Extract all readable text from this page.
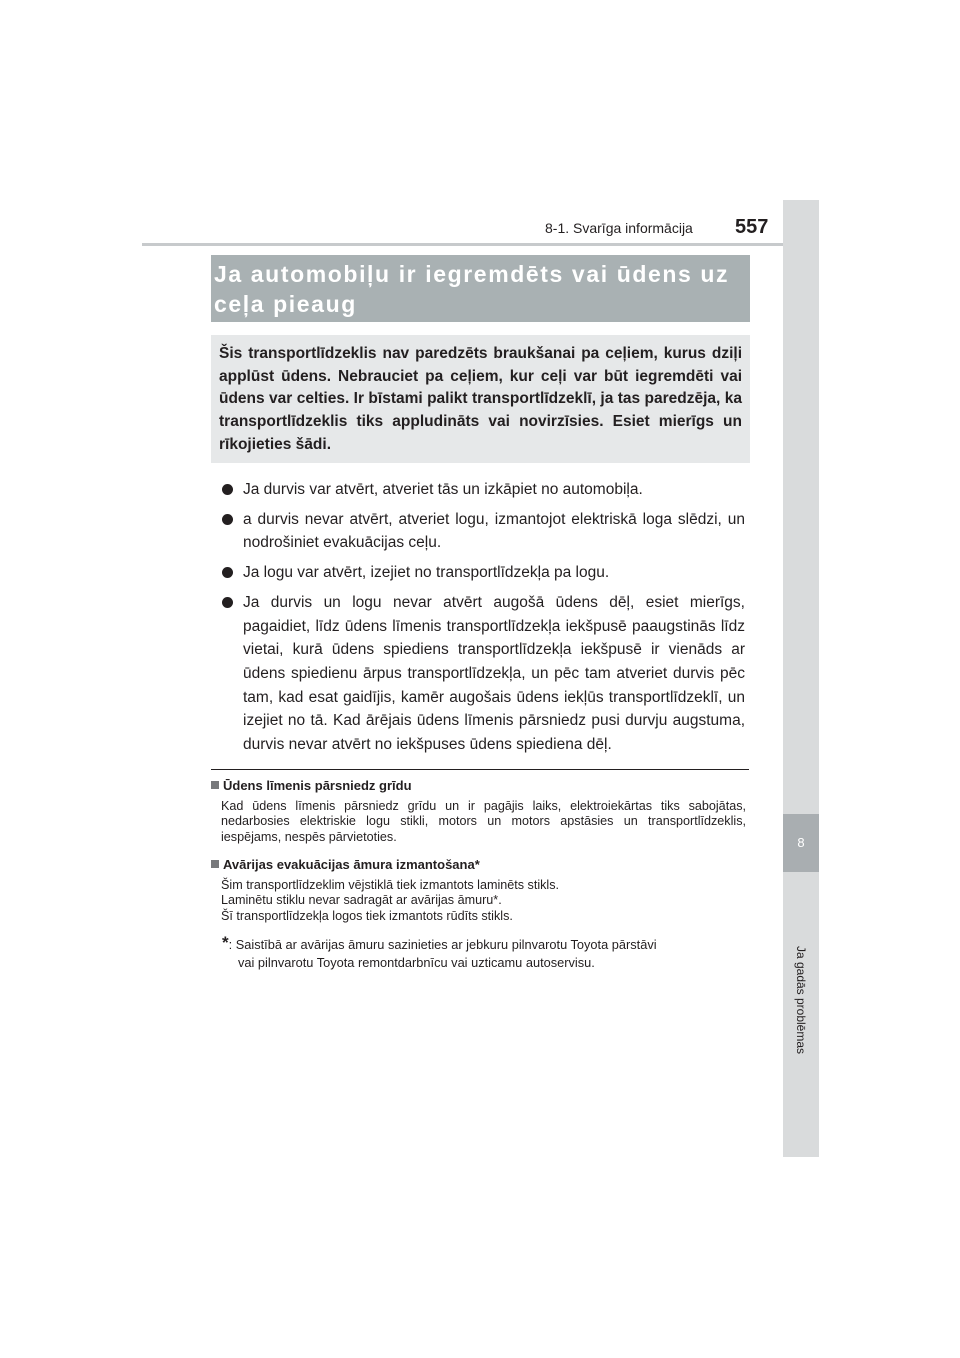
8
Ja gadās problēmas
8-1. Svarīga informācija 557
Ja automobiļu ir iegremdēts vai ūdens uz ceļa pieaug
Šis transportlīdzeklis nav paredzēts braukšanai pa ceļiem, kurus dziļi applūst ūdens. Nebrauciet pa ceļiem, kur ceļi var būt iegremdēti vai ūdens var celties. Ir bīstami palikt transportlīdzeklī, ja tas paredzēja, ka transportlīdzeklis tiks appludināts vai novirzīsies. Esiet mierīgs un rīkojieties šādi.
Ja durvis var atvērt, atveriet tās un izkāpiet no automobiļa.
a durvis nevar atvērt, atveriet logu, izmantojot elektriskā loga slēdzi, un nodrošiniet evakuācijas ceļu.
Ja logu var atvērt, izejiet no transportlīdzekļa pa logu.
Ja durvis un logu nevar atvērt augošā ūdens dēļ, esiet mierīgs, pagaidiet, līdz ūdens līmenis transportlīdzekļa iekšpusē paaugstinās līdz vietai, kurā ūdens spiediens transportlīdzekļa iekšpusē ir vienāds ar ūdens spiedienu ārpus transportlīdzekļa, un pēc tam atveriet durvis pēc tam, kad esat gaidījis, kamēr augošais ūdens iekļūs transportlīdzeklī, un izejiet no tā. Kad ārējais ūdens līmenis pārsniedz pusi durvju augstuma, durvis nevar atvērt no iekšpuses ūdens spiediena dēļ.
Ūdens līmenis pārsniedz grīdu
Kad ūdens līmenis pārsniedz grīdu un ir pagājis laiks, elektroiekārtas tiks sabojātas, nedarbosies elektriskie logu stikli, motors un motors apstāsies un transportlīdzeklis, iespējams, nespēs pārvietoties.
Avārijas evakuācijas āmura izmantošana*
Šim transportlīdzeklim vējstiklā tiek izmantots laminēts stikls.
Laminētu stiklu nevar sadragāt ar avārijas āmuru*.
Šī transportlīdzekļa logos tiek izmantots rūdīts stikls.
*: Saistībā ar avārijas āmuru sazinieties ar jebkuru pilnvarotu Toyota pārstāvi
vai pilnvarotu Toyota remontdarbnīcu vai uzticamu autoservisu.
